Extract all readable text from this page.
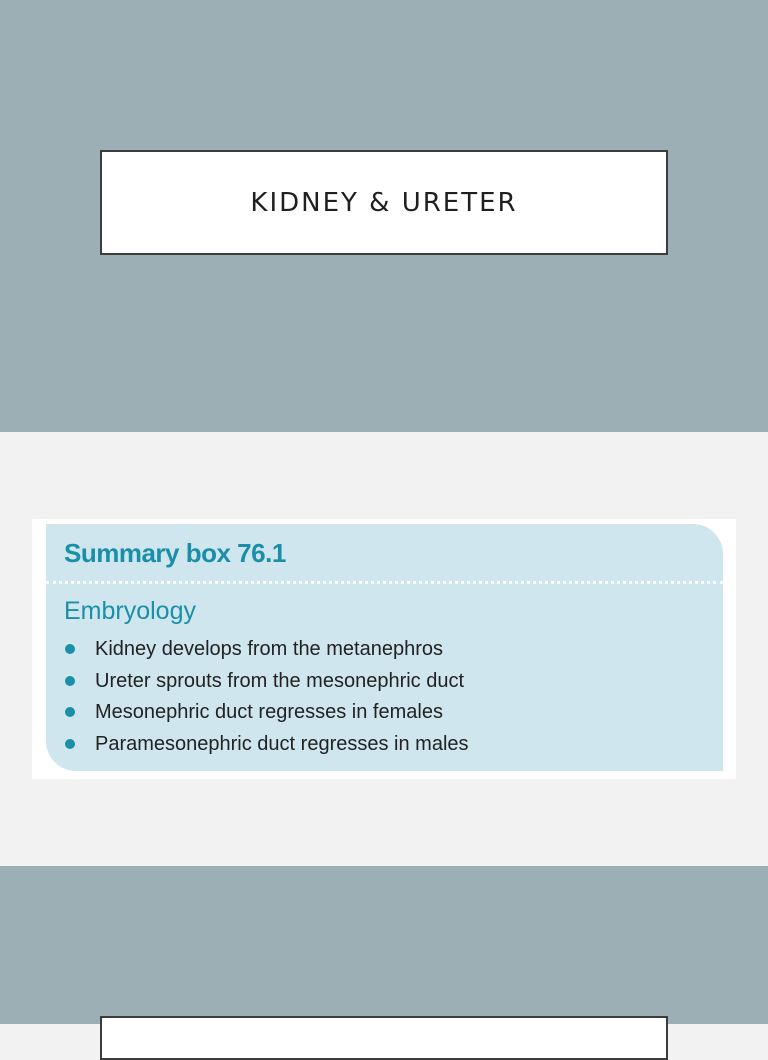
KIDNEY & URETER
Summary box 76.1
Embryology
Kidney develops from the metanephros
Ureter sprouts from the mesonephric duct
Mesonephric duct regresses in females
Paramesonephric duct regresses in males
